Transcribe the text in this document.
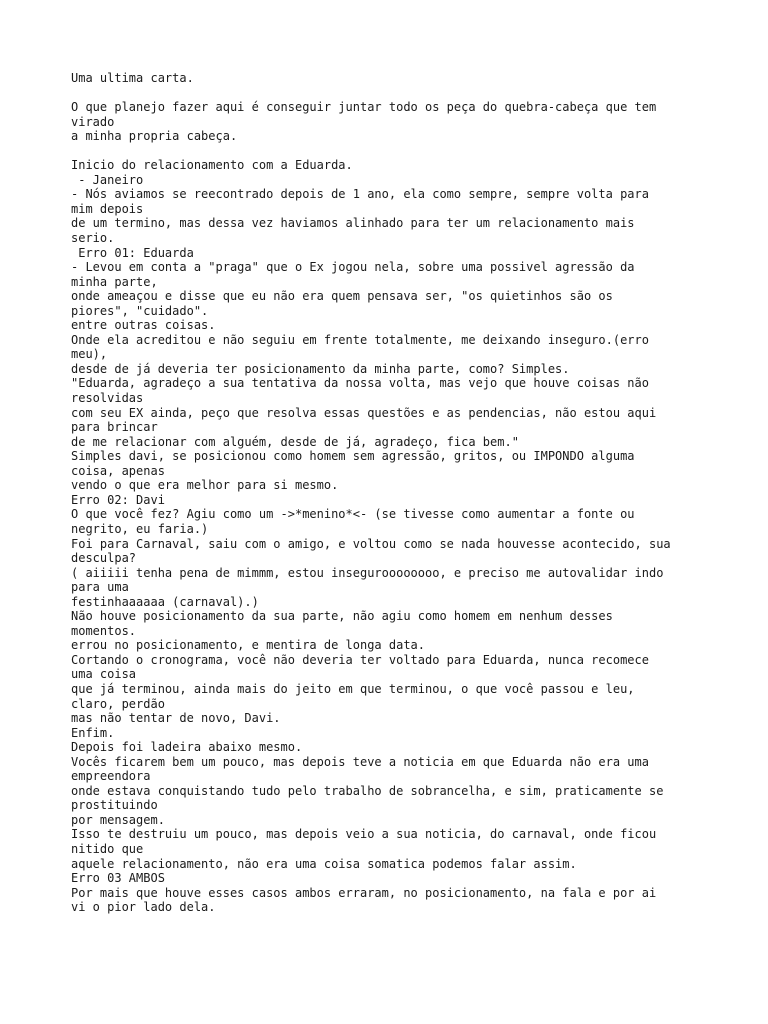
Uma ultima carta.
O que planejo fazer aqui é conseguir juntar todo os peça do quebra-cabeça que tem
virado
a minha propria cabeça.
Inicio do relacionamento com a Eduarda.
- Janeiro
- Nós aviamos se reecontrado depois de 1 ano, ela como sempre, sempre volta para
mim depois
de um termino, mas dessa vez haviamos alinhado para ter um relacionamento mais
serio.
Erro 01: Eduarda
- Levou em conta a "praga" que o Ex jogou nela, sobre uma possivel agressão da
minha parte,
onde ameaçou e disse que eu não era quem pensava ser, "os quietinhos são os
piores", "cuidado".
entre outras coisas.
Onde ela acreditou e não seguiu em frente totalmente, me deixando inseguro.(erro
meu),
desde de já deveria ter posicionamento da minha parte, como? Simples.
"Eduarda, agradeço a sua tentativa da nossa volta, mas vejo que houve coisas não
resolvidas
com seu EX ainda, peço que resolva essas questões e as pendencias, não estou aqui
para brincar
de me relacionar com alguém, desde de já, agradeço, fica bem."
Simples davi, se posicionou como homem sem agressão, gritos, ou IMPONDO alguma
coisa, apenas
vendo o que era melhor para si mesmo.
Erro 02: Davi
O que você fez? Agiu como um ->*menino*<- (se tivesse como aumentar a fonte ou
negrito, eu faria.)
Foi para Carnaval, saiu com o amigo, e voltou como se nada houvesse acontecido, sua
desculpa?
( aiiiii tenha pena de mimmm, estou inseguroooooooo, e preciso me autovalidar indo
para uma
festinhaaaaaa (carnaval).)
Não houve posicionamento da sua parte, não agiu como homem em nenhum desses
momentos.
errou no posicionamento, e mentira de longa data.
Cortando o cronograma, você não deveria ter voltado para Eduarda, nunca recomece
uma coisa
que já terminou, ainda mais do jeito em que terminou, o que você passou e leu,
claro, perdão
mas não tentar de novo, Davi.
Enfim.
Depois foi ladeira abaixo mesmo.
Vocês ficarem bem um pouco, mas depois teve a noticia em que Eduarda não era uma
empreendora
onde estava conquistando tudo pelo trabalho de sobrancelha, e sim, praticamente se
prostituindo
por mensagem.
Isso te destruiu um pouco, mas depois veio a sua noticia, do carnaval, onde ficou
nitido que
aquele relacionamento, não era uma coisa somatica podemos falar assim.
Erro 03 AMBOS
Por mais que houve esses casos ambos erraram, no posicionamento, na fala e por ai
vi o pior lado dela.
